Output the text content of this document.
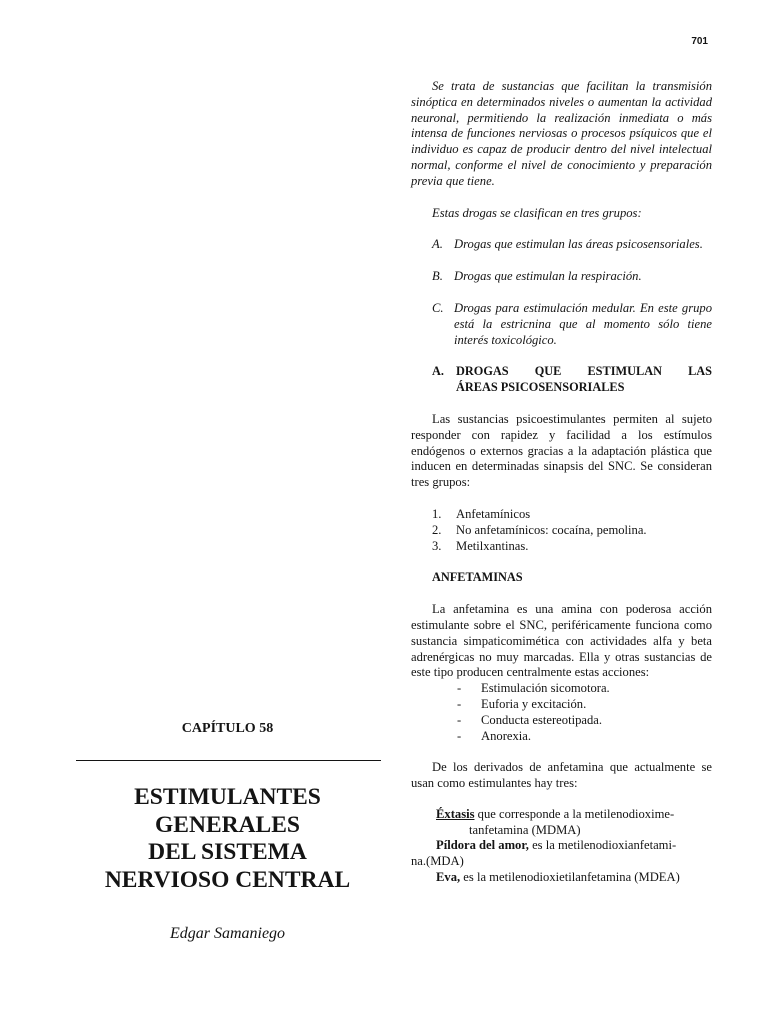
701
CAPÍTULO 58
ESTIMULANTES
GENERALES
DEL SISTEMA
NERVIOSO CENTRAL
Edgar Samaniego

Se trata de sustancias que facilitan la transmisión sinóptica en determinados niveles o aumentan la actividad neuronal, permitiendo la realización inmediata o más intensa de funciones nerviosas o procesos psíquicos que el individuo es capaz de producir dentro del nivel intelectual normal, conforme el nivel de conocimiento y preparación previa que tiene.

Estas drogas se clasifican en tres grupos:

A. Drogas que estimulan las áreas psicosensoriales.
B. Drogas que estimulan la respiración.
C. Drogas para estimulación medular. En este grupo está la estricnina que al momento sólo tiene interés toxicológico.
A. DROGAS QUE ESTIMULAN LAS
ÁREAS PSICOSENSORIALES

Las sustancias psicoestimulantes permiten al sujeto responder con rapidez y facilidad a los estímulos endógenos o externos gracias a la adaptación plástica que inducen en determinadas sinapsis del SNC. Se consideran tres grupos:

1.	Anfetamínicos
2.	No anfetamínicos: cocaína, pemolina.
3.	Metilxantinas.
ANFETAMINAS

La anfetamina es una amina con poderosa acción estimulante sobre el SNC, periféricamente funciona como sustancia simpaticomimética con actividades alfa y beta adrenérgicas no muy marcadas. Ella y otras sustancias de este tipo producen centralmente estas acciones:

-	Estimulación sicomotora.
-	Euforia y excitación.
-	Conducta estereotipada.
-	Anorexia.

De los derivados de anfetamina que actualmente se usan como estimulantes hay tres:

Éxtasis que corresponde a la metilenodioxime-
tanfetamina (MDMA)
Píldora del amor, es la metilenodioxianfetami-
na.(MDA)
Eva, es la metilenodioxietilanfetamina (MDEA)
